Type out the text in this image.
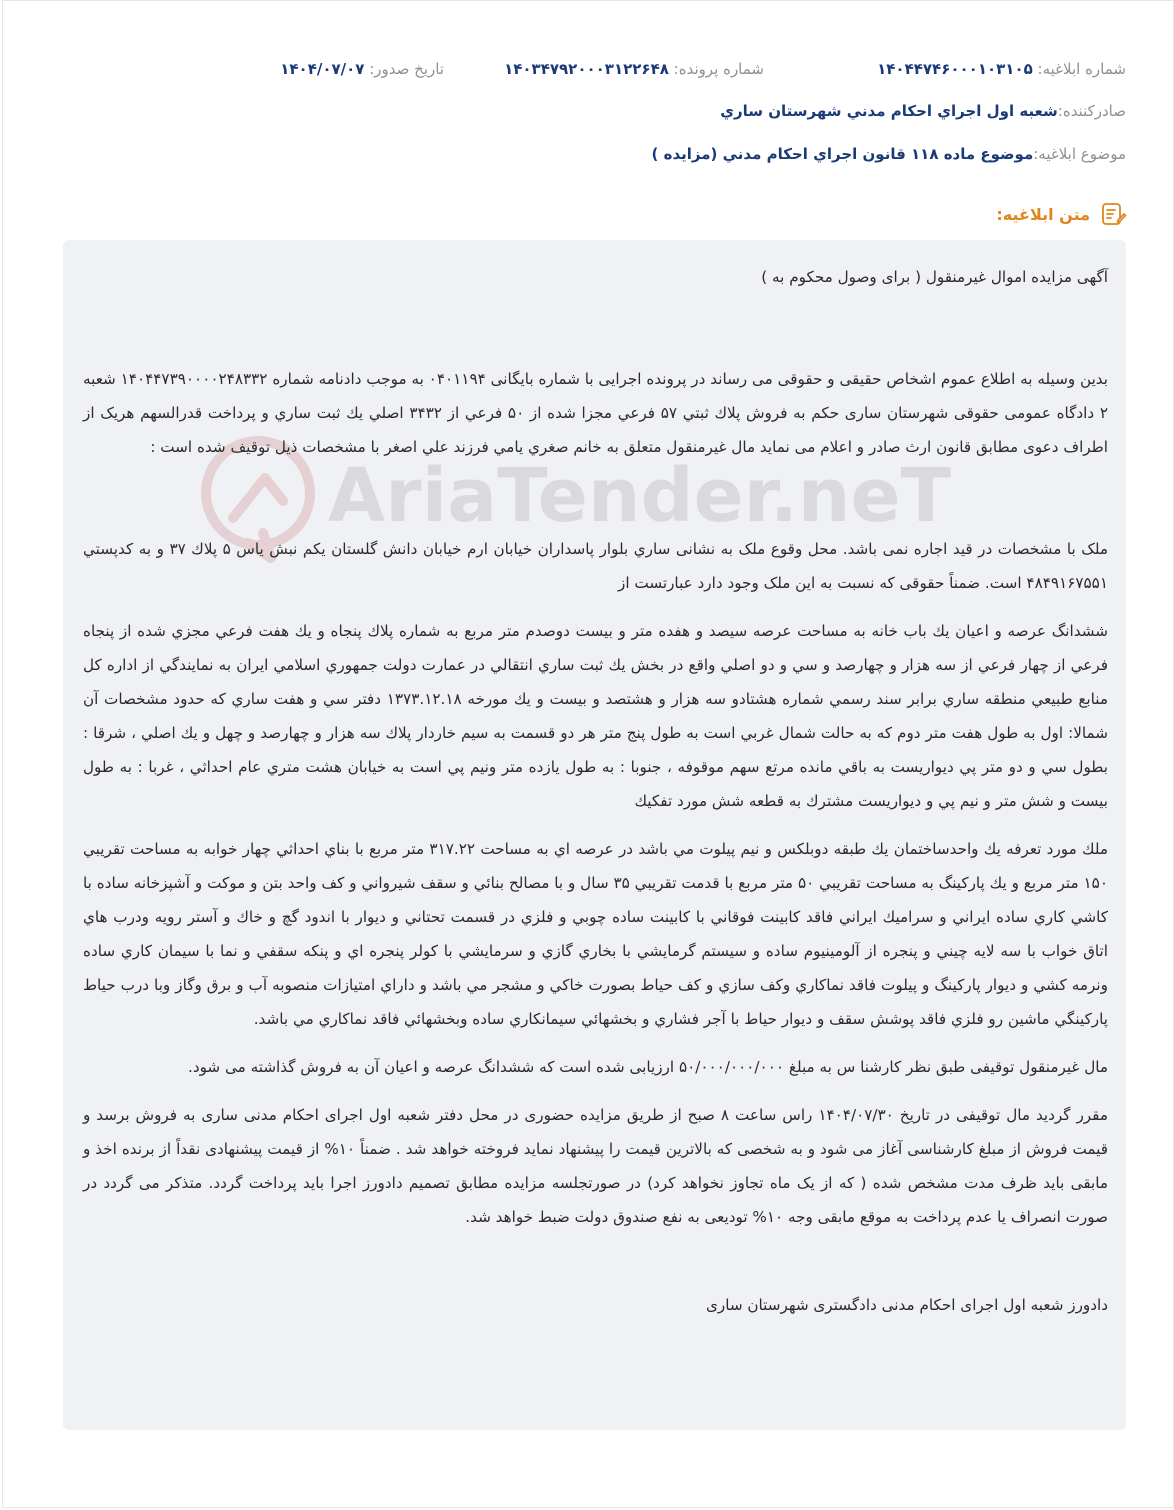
شماره ابلاغیه: ۱۴۰۴۴۷۴۶۰۰۰۱۰۳۱۰۵
شماره پرونده: ۱۴۰۳۴۷۹۲۰۰۰۳۱۲۲۶۴۸
تاریخ صدور: ۱۴۰۴/۰۷/۰۷
صادرکننده:
شعبه اول اجراي احكام مدني شهرستان ساري
موضوع ابلاغیه:
موضوع ماده ۱۱۸ قانون اجراي احكام مدني (مزایده )
متن ابلاغیه:
AriaTender.neT

آگهی مزایده اموال غیرمنقول ( برای وصول محکوم به )

بدین وسیله به اطلاع عموم اشخاص حقیقی و حقوقی می رساند در پرونده اجرایی با شماره بایگانی ۰۴۰۱۱۹۴ به موجب دادنامه شماره ۱۴۰۴۴۷۳۹۰۰۰۰۲۴۸۳۳۲ شعبه ۲ دادگاه عمومی حقوقی شهرستان ساری حکم به فروش پلاك ثبتي ۵۷ فرعي مجزا شده از ۵۰ فرعي از ۳۴۳۲ اصلي يك ثبت ساري و پرداخت قدرالسهم هریک از اطراف دعوی مطابق قانون ارث صادر و اعلام می نماید مال غیرمنقول متعلق به خانم صغري يامي فرزند علي اصغر با مشخصات ذیل توقیف شده است :

ملک با مشخصات در قید اجاره نمی باشد. محل وقوع ملک به نشانی ساري بلوار پاسداران خيابان ارم خيابان دانش گلستان يكم نبش ياس ۵ پلاك ۳۷ و به كدپستي ۴۸۴۹۱۶۷۵۵۱ است. ضمناً حقوقی که نسبت به این ملک وجود دارد عبارتست از

ششدانگ عرصه و اعيان يك باب خانه به مساحت عرصه سيصد و هفده متر و بيست دوصدم متر مربع به شماره پلاك پنجاه و يك هفت فرعي مجزي شده از پنجاه فرعي از چهار فرعي از سه هزار و چهارصد و سي و دو اصلي واقع در بخش يك ثبت ساري انتقالي در عمارت دولت جمهوري اسلامي ايران به نمايندگي از اداره كل منابع طبيعي منطقه ساري برابر سند رسمي شماره هشتادو سه هزار و هشتصد و بيست و يك مورخه ۱۳۷۳.۱۲.۱۸ دفتر سي و هفت ساري كه حدود مشخصات آن شمالا: اول به طول هفت متر دوم كه به حالت شمال غربي است به طول پنج متر هر دو قسمت به سيم خاردار پلاك سه هزار و چهارصد و چهل و يك اصلي ، شرقا : بطول سي و دو متر پي ديواريست به باقي مانده مرتع سهم موقوفه ، جنوبا : به طول يازده متر ونيم پي است به خيابان هشت متري عام احداثي ، غربا : به طول بيست و شش متر و نيم پي و ديواريست مشترك به قطعه شش مورد تفكيك

ملك مورد تعرفه يك واحدساختمان يك طبقه دوبلكس و نيم پيلوت مي باشد در عرصه اي به مساحت ۳۱۷.۲۲ متر مربع با بناي احداثي چهار خوابه به مساحت تقريبي ۱۵۰ متر مربع و يك پاركينگ به مساحت تقريبي ۵۰ متر مربع با قدمت تقريبي ۳۵ سال و با مصالح بنائي و سقف شيرواني و كف واحد بتن و موكت و آشپزخانه ساده با كاشي كاري ساده ايراني و سراميك ايراني فاقد كابينت فوقاني با كابينت ساده چوبي و فلزي در قسمت تحتاني و ديوار با اندود گچ و خاك و آستر رويه ودرب هاي اتاق خواب با سه لايه چيني و پنجره از آلومينيوم ساده و سيستم گرمايشي با بخاري گازي و سرمايشي با كولر پنجره اي و پنكه سقفي و نما با سيمان كاري ساده ونرمه كشي و ديوار پاركينگ و پيلوت فاقد نماكاري وكف سازي و كف حياط بصورت خاكي و مشجر مي باشد و داراي امتيازات منصوبه آب و برق وگاز وبا درب حياط پاركينگي ماشين رو فلزي فاقد پوشش سقف و ديوار حياط با آجر فشاري و بخشهائي سيمانكاري ساده وبخشهائي فاقد نماكاري مي باشد.

مال غیرمنقول توقیفی طبق نظر کارشنا س به مبلغ ۵۰/۰۰۰/۰۰۰/۰۰۰ ارزیابی شده است که ششدانگ عرصه و اعیان آن به فروش گذاشته می شود.

مقرر گردید مال توقیفی در تاریخ ۱۴۰۴/۰۷/۳۰ راس ساعت ۸ صبح از طریق مزایده حضوری در محل دفتر شعبه اول اجرای احکام مدنی ساری به فروش برسد و قیمت فروش از مبلغ کارشناسی آغاز می شود و به شخصی که بالاترین قیمت را پیشنهاد نماید فروخته خواهد شد . ضمناً ۱۰% از قیمت پیشنهادی نقداً از برنده اخذ و مابقی باید ظرف مدت مشخص شده ( که از یک ماه تجاوز نخواهد کرد) در صورتجلسه مزایده مطابق تصمیم دادورز اجرا باید پرداخت گردد. متذکر می گردد در صورت انصراف یا عدم پرداخت به موقع مابقی وجه ۱۰% تودیعی به نفع صندوق دولت ضبط خواهد شد.

دادورز شعبه اول اجرای احکام مدنی دادگستری شهرستان ساری
